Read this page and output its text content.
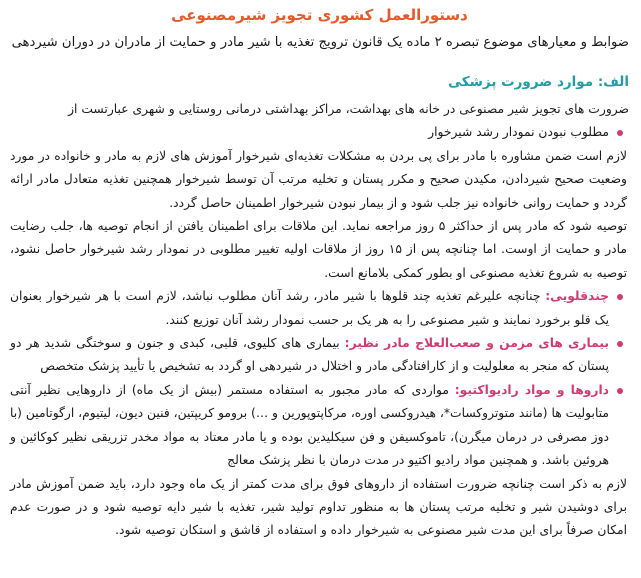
دستورالعمل کشوری تجویز شیرمصنوعی

ضوابط و معیارهای موضوع تبصره ۲ ماده یک قانون ترویج تغذیه با شیر مادر و حمایت از مادران در دوران شیردهی

الف: موارد ضرورت پزشکی

ضرورت های تجویز شیر مصنوعی در خانه های بهداشت، مراکز بهداشتی درمانی روستایی و شهری عبارتست از

مطلوب نبودن نمودار رشد شیرخوار

لازم است ضمن مشاوره با مادر برای پی بردن به مشکلات تغذیه‌ای شیرخوار آموزش های لازم به مادر و خانواده در مورد وضعیت صحیح شیردادن، مکیدن صحیح و مکرر پستان و تخلیه مرتب آن توسط شیرخوار همچنین تغذیه متعادل مادر ارائه گردد و حمایت روانی خانواده نیز جلب شود و از بیمار نبودن شیرخوار اطمینان حاصل گردد.

توصیه شود که مادر پس از حداکثر ۵ روز مراجعه نماید. این ملاقات برای اطمینان یافتن از انجام توصیه ها، جلب رضایت مادر و حمایت از اوست. اما چنانچه پس از ۱۵ روز از ملاقات اولیه تغییر مطلوبی در نمودار رشد شیرخوار حاصل نشود، توصیه به شروع تغذیه مصنوعی او بطور کمکی بلامانع است.

چندقلویی: چنانچه علیرغم تغذیه چند قلوها با شیر مادر، رشد آنان مطلوب نباشد، لازم است با هر شیرخوار بعنوان یک قلو برخورد نمایند و شیر مصنوعی را به هر یک بر حسب نمودار رشد آنان توزیع کنند.
بیماری های مزمن و صعب‌العلاج مادر نظیر: بیماری های کلیوی، قلبی، کبدی و جنون و سوختگی شدید هر دو پستان که منجر به معلولیت و از کارافتادگی مادر و اختلال در شیردهی او گردد به تشخیص یا تأیید پزشک متخصص
داروها و مواد رادیواکتیو: مواردی که مادر مجبور به استفاده مستمر (بیش از یک ماه) از داروهایی نظیر آنتی متابولیت ها (مانند متوتروکسات*، هیدروکسی اوره، مرکاپتوپورین و …) برومو کریپتین، فنین دیون، لیتیوم، ارگوتامین (با دوز مصرفی در درمان میگرن)، تاموکسیفن و فن سیکلیدین بوده و یا مادر معتاد به مواد مخدر تزریقی نظیر کوکائین و هروئین باشد. و همچنین مواد رادیو اکتیو در مدت درمان با نظر پزشک معالج

لازم به ذکر است چنانچه ضرورت استفاده از داروهای فوق برای مدت کمتر از یک ماه وجود دارد، باید ضمن آموزش مادر برای دوشیدن شیر و تخلیه مرتب پستان ها به منظور تداوم تولید شیر، تغذیه با شیر دایه توصیه شود و در صورت عدم امکان صرفاً برای این مدت شیر مصنوعی به شیرخوار داده و استفاده از قاشق و استکان توصیه شود.
